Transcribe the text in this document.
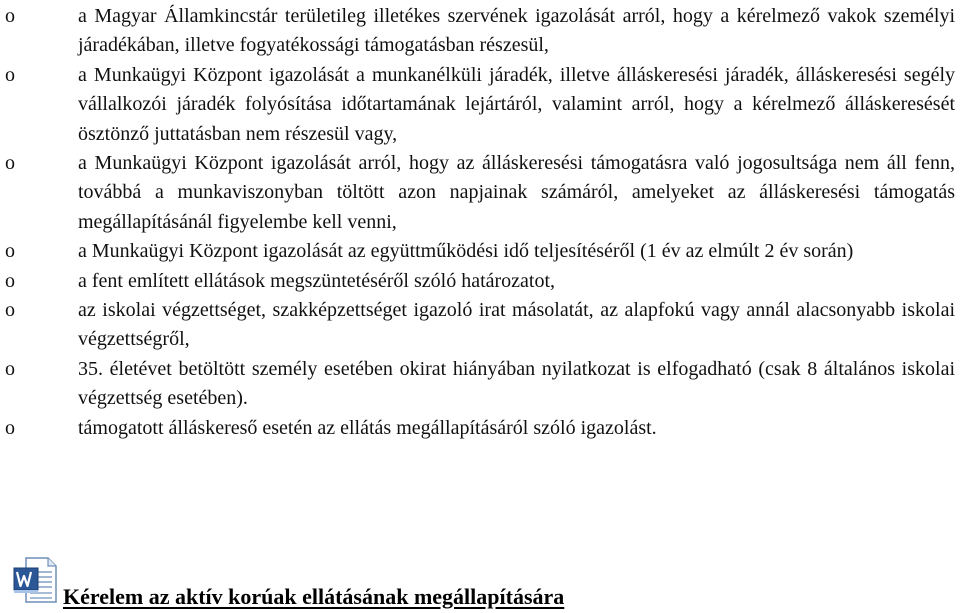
o	a Magyar Államkincstár területileg illetékes szervének igazolását arról, hogy a kérelmező vakok személyi járadékában, illetve fogyatékossági támogatásban részesül,
o	a Munkaügyi Központ igazolását a munkanélküli járadék, illetve álláskeresési járadék, álláskeresési segély vállalkozói járadék folyósítása időtartamának lejártáról, valamint arról, hogy a kérelmező álláskeresését ösztönző juttatásban nem részesül vagy,
o	a Munkaügyi Központ igazolását arról, hogy az álláskeresési támogatásra való jogosultsága nem áll fenn, továbbá a munkaviszonyban töltött azon napjainak számáról, amelyeket az álláskeresési támogatás megállapításánál figyelembe kell venni,
o	a Munkaügyi Központ igazolását az együttműködési idő teljesítéséről (1 év az elmúlt 2 év során)
o	a fent említett ellátások megszüntetéséről szóló határozatot,
o	az iskolai végzettséget, szakképzettséget igazoló irat másolatát, az alapfokú vagy annál alacsonyabb iskolai végzettségről,
o	35. életévet betöltött személy esetében okirat hiányában nyilatkozat is elfogadható (csak 8 általános iskolai végzettség esetében).
o	támogatott álláskereső esetén az ellátás megállapításáról szóló igazolást.
Kérelem az aktív korúak ellátásának megállapítására
